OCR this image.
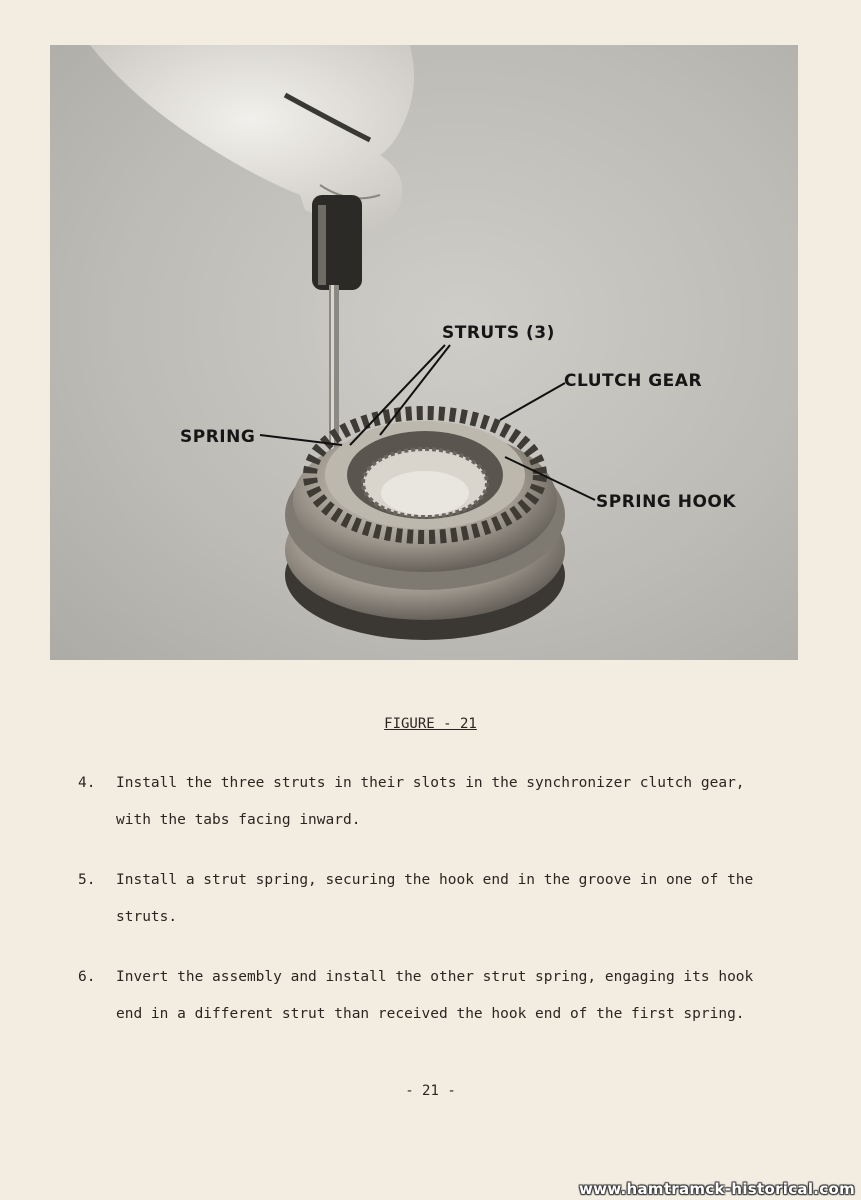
STRUTS (3)
CLUTCH GEAR
SPRING
SPRING HOOK
FIGURE - 21
4. Install the three struts in their slots in the synchronizer clutch gear, with the tabs facing inward.
5. Install a strut spring, securing the hook end in the groove in one of the struts.
6. Invert the assembly and install the other strut spring, engaging its hook end in a different strut than received the hook end of the first spring.
- 21 -
www.hamtramck-historical.com
